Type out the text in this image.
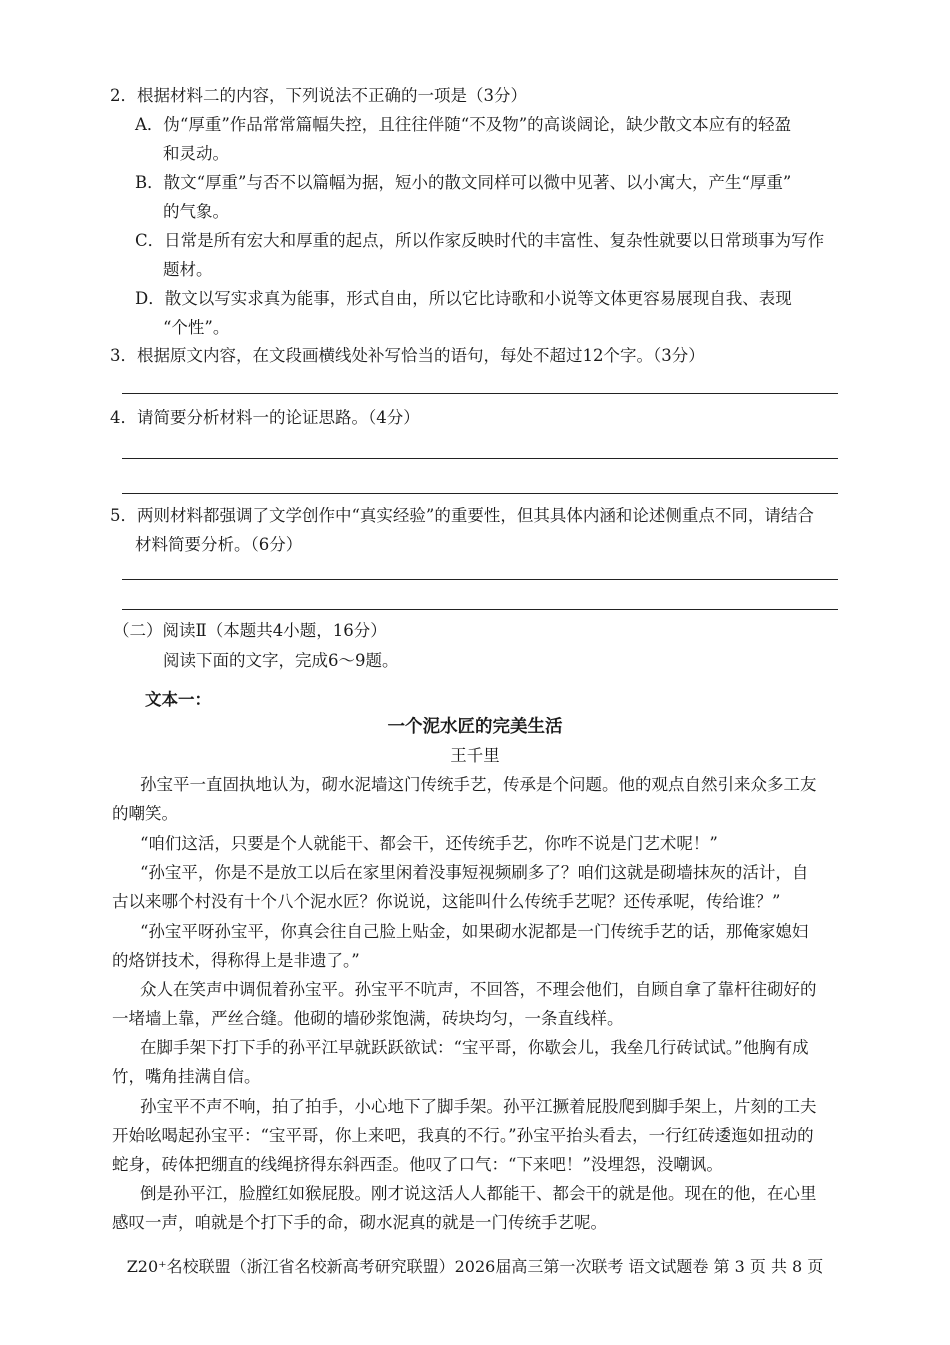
2．根据材料二的内容，下列说法不正确的一项是（3分）
A．伪“厚重”作品常常篇幅失控，且往往伴随“不及物”的高谈阔论，缺少散文本应有的轻盈
和灵动。
B．散文“厚重”与否不以篇幅为据，短小的散文同样可以微中见著、以小寓大，产生“厚重”
的气象。
C．日常是所有宏大和厚重的起点，所以作家反映时代的丰富性、复杂性就要以日常琐事为写作
题材。
D．散文以写实求真为能事，形式自由，所以它比诗歌和小说等文体更容易展现自我、表现
“个性”。
3．根据原文内容，在文段画横线处补写恰当的语句，每处不超过12个字。（3分）
4．请简要分析材料一的论证思路。（4分）
5．两则材料都强调了文学创作中“真实经验”的重要性，但其具体内涵和论述侧重点不同，请结合
材料简要分析。（6分）
（二）阅读Ⅱ（本题共4小题，16分）
阅读下面的文字，完成6～9题。
文本一：
一个泥水匠的完美生活
王千里
孙宝平一直固执地认为，砌水泥墙这门传统手艺，传承是个问题。他的观点自然引来众多工友
的嘲笑。
“咱们这活，只要是个人就能干、都会干，还传统手艺，你咋不说是门艺术呢！”
“孙宝平，你是不是放工以后在家里闲着没事短视频刷多了？咱们这就是砌墙抹灰的活计，自
古以来哪个村没有十个八个泥水匠？你说说，这能叫什么传统手艺呢？还传承呢，传给谁？”
“孙宝平呀孙宝平，你真会往自己脸上贴金，如果砌水泥都是一门传统手艺的话，那俺家媳妇
的烙饼技术，得称得上是非遗了。”
众人在笑声中调侃着孙宝平。孙宝平不吭声，不回答，不理会他们，自顾自拿了靠杆往砌好的
一堵墙上靠，严丝合缝。他砌的墙砂浆饱满，砖块均匀，一条直线样。
在脚手架下打下手的孙平江早就跃跃欲试：“宝平哥，你歇会儿，我垒几行砖试试。”他胸有成
竹，嘴角挂满自信。
孙宝平不声不响，拍了拍手，小心地下了脚手架。孙平江撅着屁股爬到脚手架上，片刻的工夫
开始吆喝起孙宝平：“宝平哥，你上来吧，我真的不行。”孙宝平抬头看去，一行红砖逶迤如扭动的
蛇身，砖体把绷直的线绳挤得东斜西歪。他叹了口气：“下来吧！”没埋怨，没嘲讽。
倒是孙平江，脸膛红如猴屁股。刚才说这活人人都能干、都会干的就是他。现在的他，在心里
感叹一声，咱就是个打下手的命，砌水泥真的就是一门传统手艺呢。
Z20⁺名校联盟（浙江省名校新高考研究联盟）2026届高三第一次联考 语文试题卷 第 3 页 共 8 页
